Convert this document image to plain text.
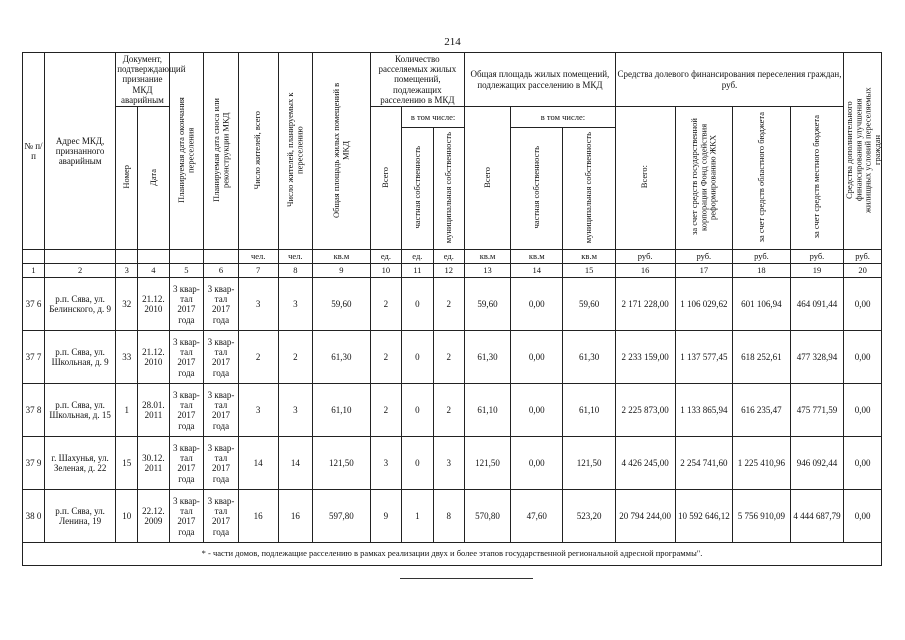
214
№ п/п	Адрес МКД, признанного аварийным	Документ, подтверждающий признание МКД аварийным		Планируемая дата окончания переселения	Планируемая дата сноса или реконструкции МКД	Число жителей, всего	Число жителей, планируемых к переселению	Общая площадь жилых помещений в МКД	Количество расселяемых жилых помещений, подлежащих расселению в МКД			Общая площадь жилых помещений, подлежащих расселению в МКД			Средства долевого финансирования переселения граждан, руб.				Средства дополнительного финансирования улучшения жилищных условий переселяемых граждан
		Номер	Дата						Всего	в том числе:		Всего	в том числе:		Всего:	за счет средств государственной корпорации Фонд содействия реформированию ЖКХ	за счет средств областного бюджета	за счет средств местного бюджета	
										частная собственность	муниципальная собственность		частная собственность	муниципальная собственность					
						чел.	чел.	кв.м	ед.	ед.	ед.	кв.м	кв.м	кв.м	руб.	руб.	руб.	руб.	руб.
1	2	3	4	5	6	7	8	9	10	11	12	13	14	15	16	17	18	19	20
37 6	р.п. Сява, ул. Белинского, д. 9	32	21.12. 2010	3 квар-тал 2017 года	3 квар-тал 2017 года	3	3	59,60	2	0	2	59,60	0,00	59,60	2 171 228,00	1 106 029,62	601 106,94	464 091,44	0,00
37 7	р.п. Сява, ул. Школьная, д. 9	33	21.12. 2010	3 квар-тал 2017 года	3 квар-тал 2017 года	2	2	61,30	2	0	2	61,30	0,00	61,30	2 233 159,00	1 137 577,45	618 252,61	477 328,94	0,00
37 8	р.п. Сява, ул. Школьная, д. 15	1	28.01. 2011	3 квар-тал 2017 года	3 квар-тал 2017 года	3	3	61,10	2	0	2	61,10	0,00	61,10	2 225 873,00	1 133 865,94	616 235,47	475 771,59	0,00
37 9	г. Шахунья, ул. Зеленая, д. 22	15	30.12. 2011	3 квар-тал 2017 года	3 квар-тал 2017 года	14	14	121,50	3	0	3	121,50	0,00	121,50	4 426 245,00	2 254 741,60	1 225 410,96	946 092,44	0,00
38 0	р.п. Сява, ул. Ленина, 19	10	22.12. 2009	3 квар-тал 2017 года	3 квар-тал 2017 года	16	16	597,80	9	1	8	570,80	47,60	523,20	20 794 244,00	10 592 646,12	5 756 910,09	4 444 687,79	0,00
* - части домов, подлежащие расселению в рамках реализации двух и более этапов государственной региональной адресной программы".																			
